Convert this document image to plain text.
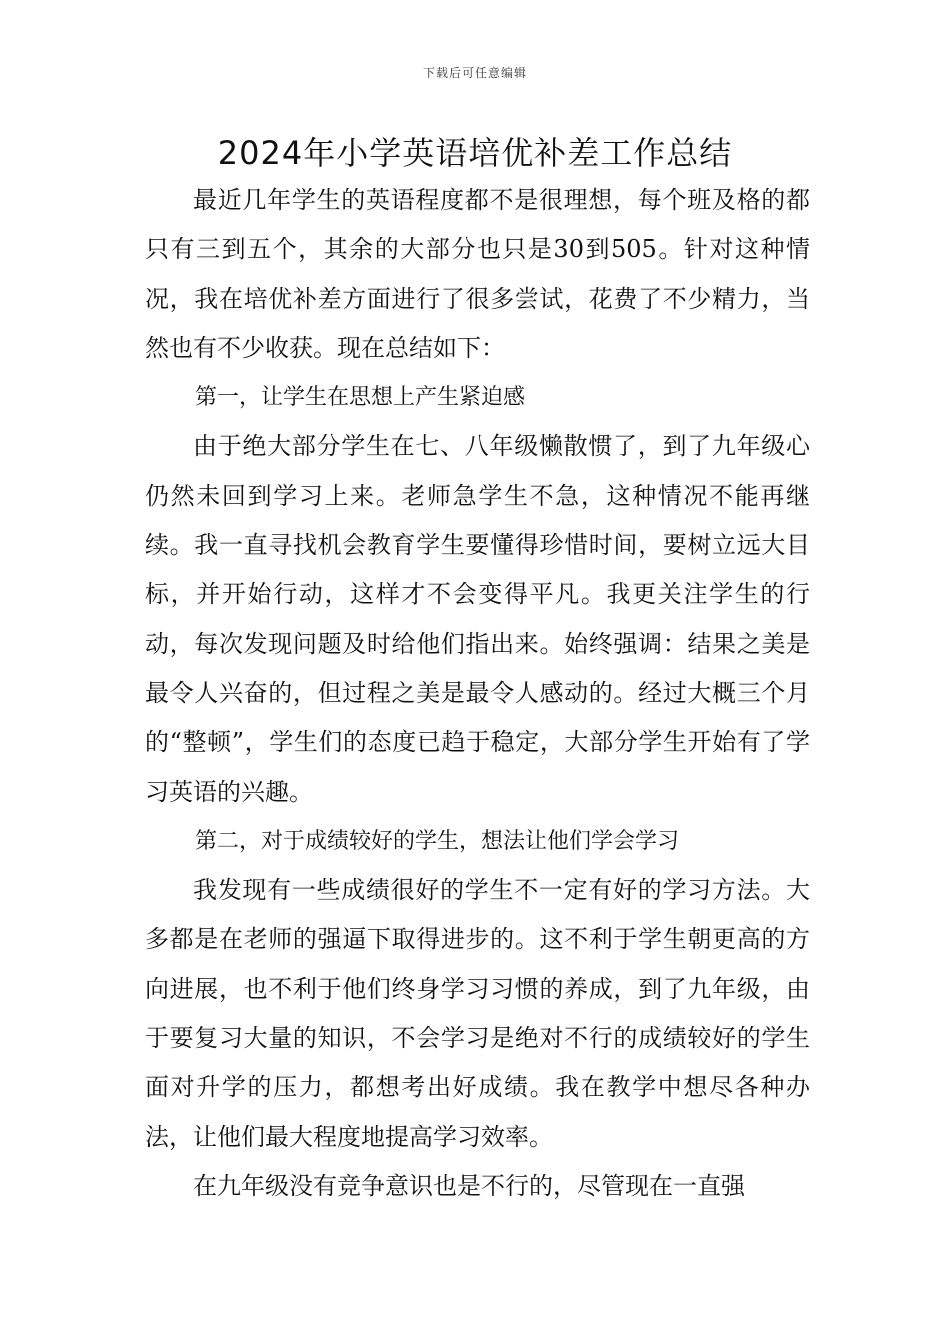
下载后可任意编辑
2024年小学英语培优补差工作总结

最近几年学生的英语程度都不是很理想，每个班及格的都只有三到五个，其余的大部分也只是30到505。针对这种情况，我在培优补差方面进行了很多尝试，花费了不少精力，当然也有不少收获。现在总结如下：

第一，让学生在思想上产生紧迫感

由于绝大部分学生在七、八年级懒散惯了，到了九年级心仍然未回到学习上来。老师急学生不急，这种情况不能再继续。我一直寻找机会教育学生要懂得珍惜时间，要树立远大目标，并开始行动，这样才不会变得平凡。我更关注学生的行动，每次发现问题及时给他们指出来。始终强调：结果之美是最令人兴奋的，但过程之美是最令人感动的。经过大概三个月的“整顿”，学生们的态度已趋于稳定，大部分学生开始有了学习英语的兴趣。

第二，对于成绩较好的学生，想法让他们学会学习

我发现有一些成绩很好的学生不一定有好的学习方法。大多都是在老师的强逼下取得进步的。这不利于学生朝更高的方向进展，也不利于他们终身学习习惯的养成，到了九年级，由于要复习大量的知识，不会学习是绝对不行的成绩较好的学生面对升学的压力，都想考出好成绩。我在教学中想尽各种办法，让他们最大程度地提高学习效率。

在九年级没有竞争意识也是不行的，尽管现在一直强
